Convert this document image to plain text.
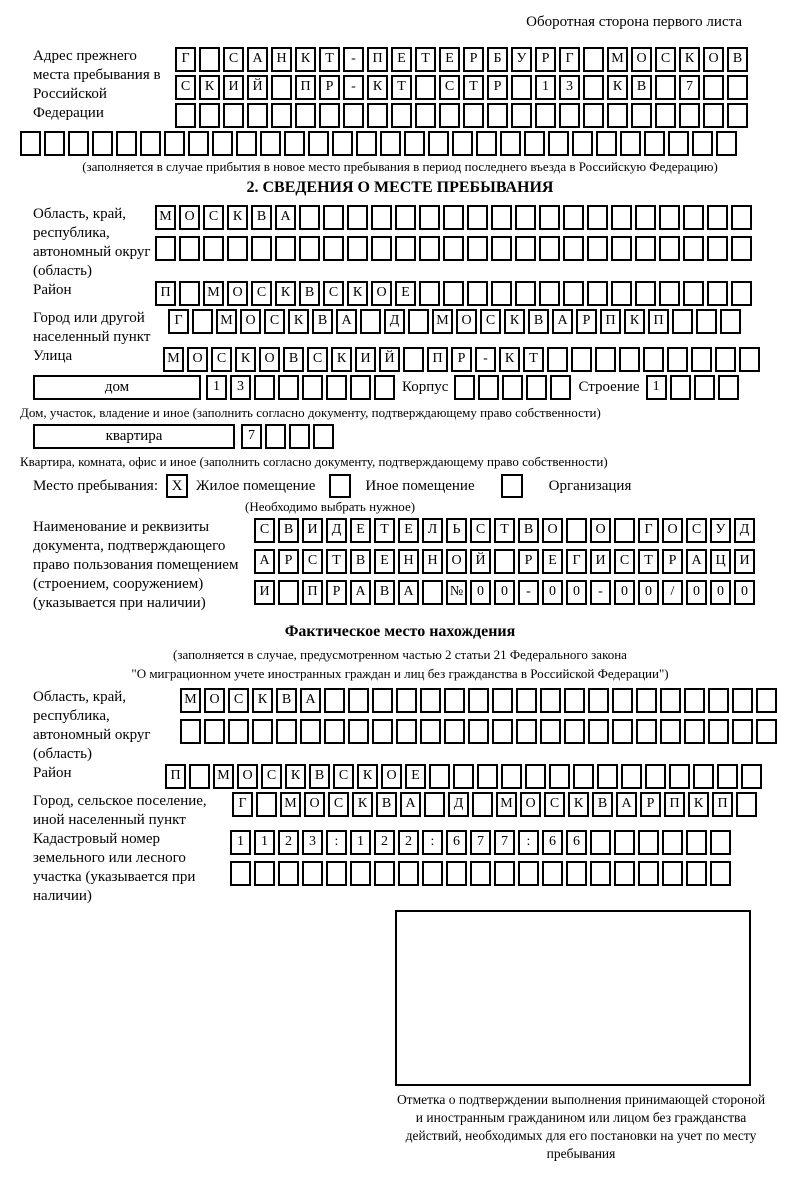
Оборотная сторона первого листа
Адрес прежнего места пребывания в Российской Федерации
Г	С А Н К Т - П Е Т Е Р Б У Р Г	М О С К О В
С К И Й	П Р - К Т	С Т Р	1 3	К В	7
(заполняется в случае прибытия в новое место пребывания в период последнего въезда в Российскую Федерацию)
2. СВЕДЕНИЯ О МЕСТЕ ПРЕБЫВАНИЯ
Область, край, республика, автономный округ (область)
М О С К В А
Район	П	М О С К В С К О Е
Город или другой населенный пункт
Г	М О С К В А	Д	М О С К В А Р П К П
Улица	М О С К О В С К И Й	П Р - К Т
дом	1 3	Корпус	Строение 1
Дом, участок, владение и иное (заполнить согласно документу, подтверждающему право собственности)
квартира	7
Квартира, комната, офис и иное (заполнить согласно документу, подтверждающему право собственности)
Место пребывания: X Жилое помещение	Иное помещение	Организация
(Необходимо выбрать нужное)
Наименование и реквизиты документа, подтверждающего право пользования помещением (строением, сооружением) (указывается при наличии)
С В И Д Е Т Е Л Ь С Т В О	О	Г О С У Д
А Р С Т В Е Н Н О Й	Р Е Г И С Т Р А Ц И
И	П Р А В А	№ 0 0 - 0 0 - 0 0 / 0 0 0
Фактическое место нахождения
(заполняется в случае, предусмотренном частью 2 статьи 21 Федерального закона
"О миграционном учете иностранных граждан и лиц без гражданства в Российской Федерации")
Область, край, республика, автономный округ (область)
М О С К В А
Район	П	М О С К В С К О Е
Город, сельское поселение, иной населенный пункт
Г	М О С К В А	Д	М О С К В А Р П К П
Кадастровый номер земельного или лесного участка (указывается при наличии)
1 1 2 3 : 1 2 2 : 6 7 7 : 6 6
Отметка о подтверждении выполнения принимающей стороной и иностранным гражданином или лицом без гражданства действий, необходимых для его постановки на учет по месту пребывания
